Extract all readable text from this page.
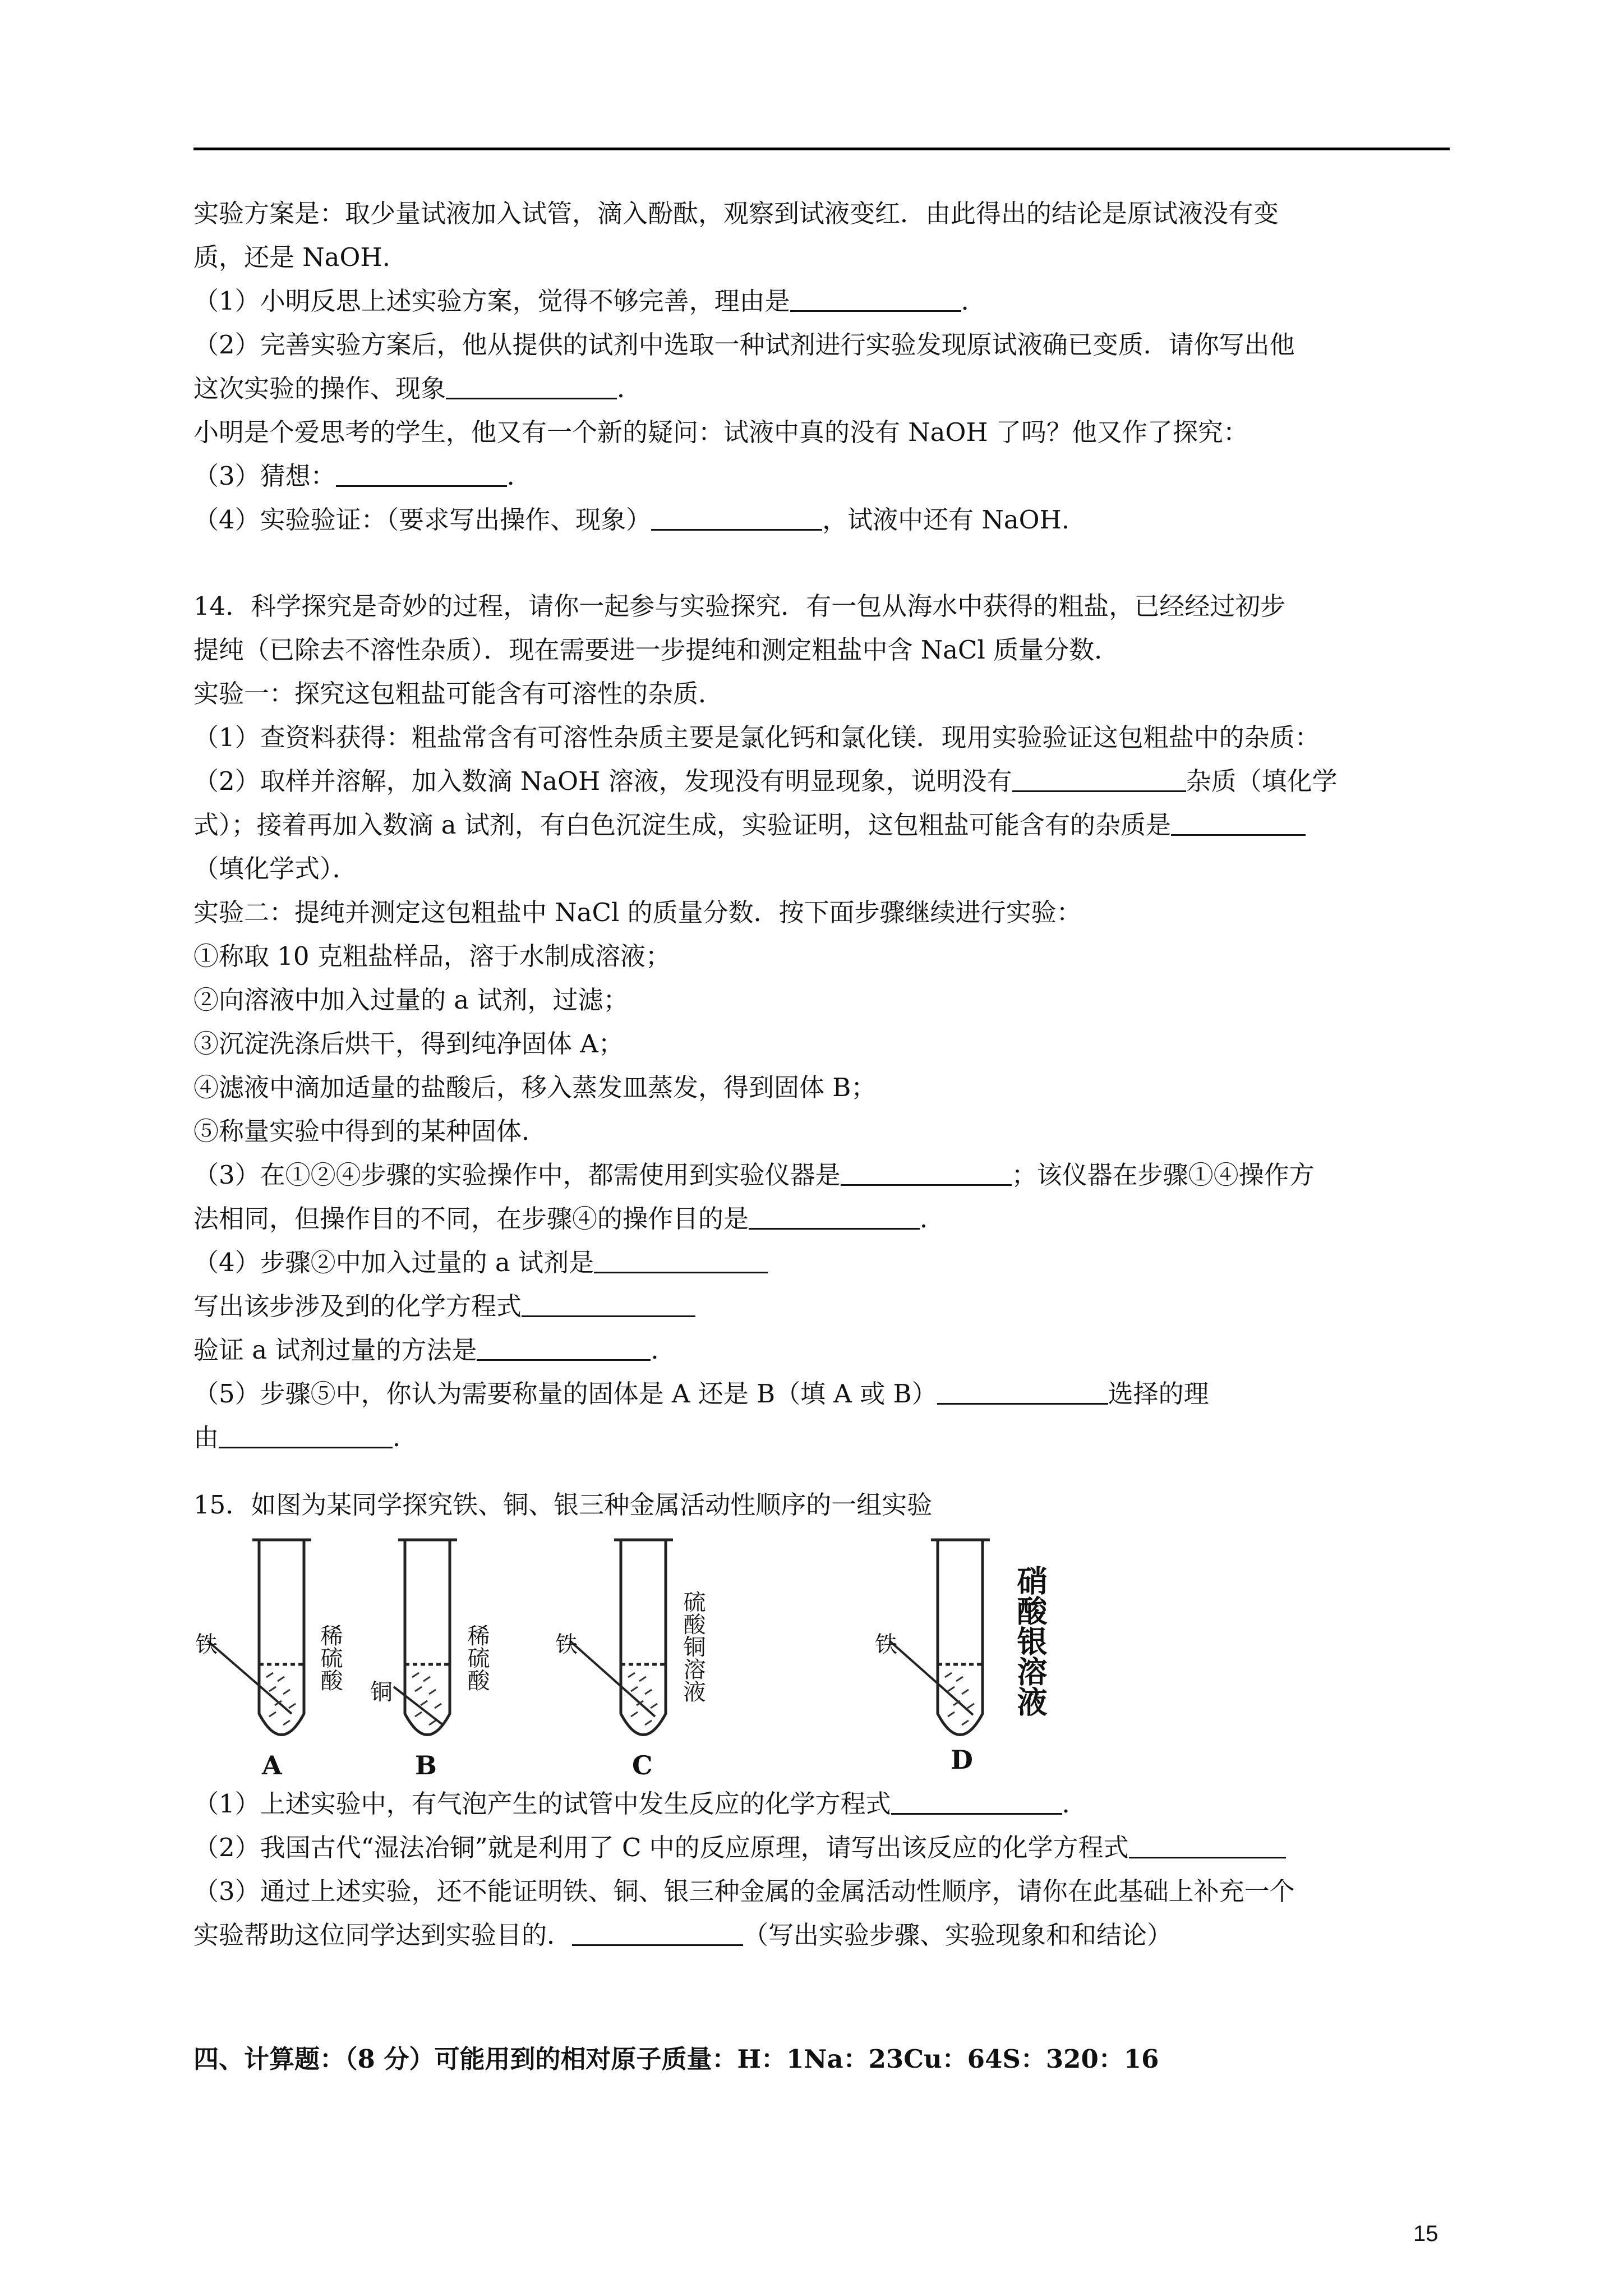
实验方案是：取少量试液加入试管，滴入酚酞，观察到试液变红．由此得出的结论是原试液没有变
质，还是 NaOH.
（1）小明反思上述实验方案，觉得不够完善，理由是	．
（2）完善实验方案后，他从提供的试剂中选取一种试剂进行实验发现原试液确已变质．请你写出他
这次实验的操作、现象	．
小明是个爱思考的学生，他又有一个新的疑问：试液中真的没有 NaOH 了吗？他又作了探究：
（3）猜想：	．
（4）实验验证：（要求写出操作、现象）	，试液中还有 NaOH.
14．科学探究是奇妙的过程，请你一起参与实验探究．有一包从海水中获得的粗盐，已经经过初步
提纯（已除去不溶性杂质）．现在需要进一步提纯和测定粗盐中含 NaCl 质量分数．
实验一：探究这包粗盐可能含有可溶性的杂质．
（1）查资料获得：粗盐常含有可溶性杂质主要是氯化钙和氯化镁．现用实验验证这包粗盐中的杂质：
（2）取样并溶解，加入数滴 NaOH 溶液，发现没有明显现象，说明没有	杂质（填化学
式）；接着再加入数滴 a 试剂，有白色沉淀生成，实验证明，这包粗盐可能含有的杂质是
（填化学式）．
实验二：提纯并测定这包粗盐中 NaCl 的质量分数．按下面步骤继续进行实验：
①称取 10 克粗盐样品，溶于水制成溶液；
②向溶液中加入过量的 a 试剂，过滤；
③沉淀洗涤后烘干，得到纯净固体 A；
④滤液中滴加适量的盐酸后，移入蒸发皿蒸发，得到固体 B；
⑤称量实验中得到的某种固体．
（3）在①②④步骤的实验操作中，都需使用到实验仪器是	；该仪器在步骤①④操作方
法相同，但操作目的不同，在步骤④的操作目的是	．
（4）步骤②中加入过量的 a 试剂是
写出该步涉及到的化学方程式
验证 a 试剂过量的方法是	．
（5）步骤⑤中，你认为需要称量的固体是 A 还是 B（填 A 或 B）	选择的理
由	．
15．如图为某同学探究铁、铜、银三种金属活动性顺序的一组实验
铁	稀硫酸
A
铜
稀硫酸
B
铁	硫酸铜溶液
C
铁	硝酸银溶液
D
（1）上述实验中，有气泡产生的试管中发生反应的化学方程式	．
（2）我国古代“湿法冶铜”就是利用了 C 中的反应原理，请写出该反应的化学方程式
（3）通过上述实验，还不能证明铁、铜、银三种金属的金属活动性顺序，请你在此基础上补充一个
实验帮助这位同学达到实验目的．	（写出实验步骤、实验现象和和结论）
四、计算题：（8 分）可能用到的相对原子质量：H：1Na：23Cu：64S：320：16
15
